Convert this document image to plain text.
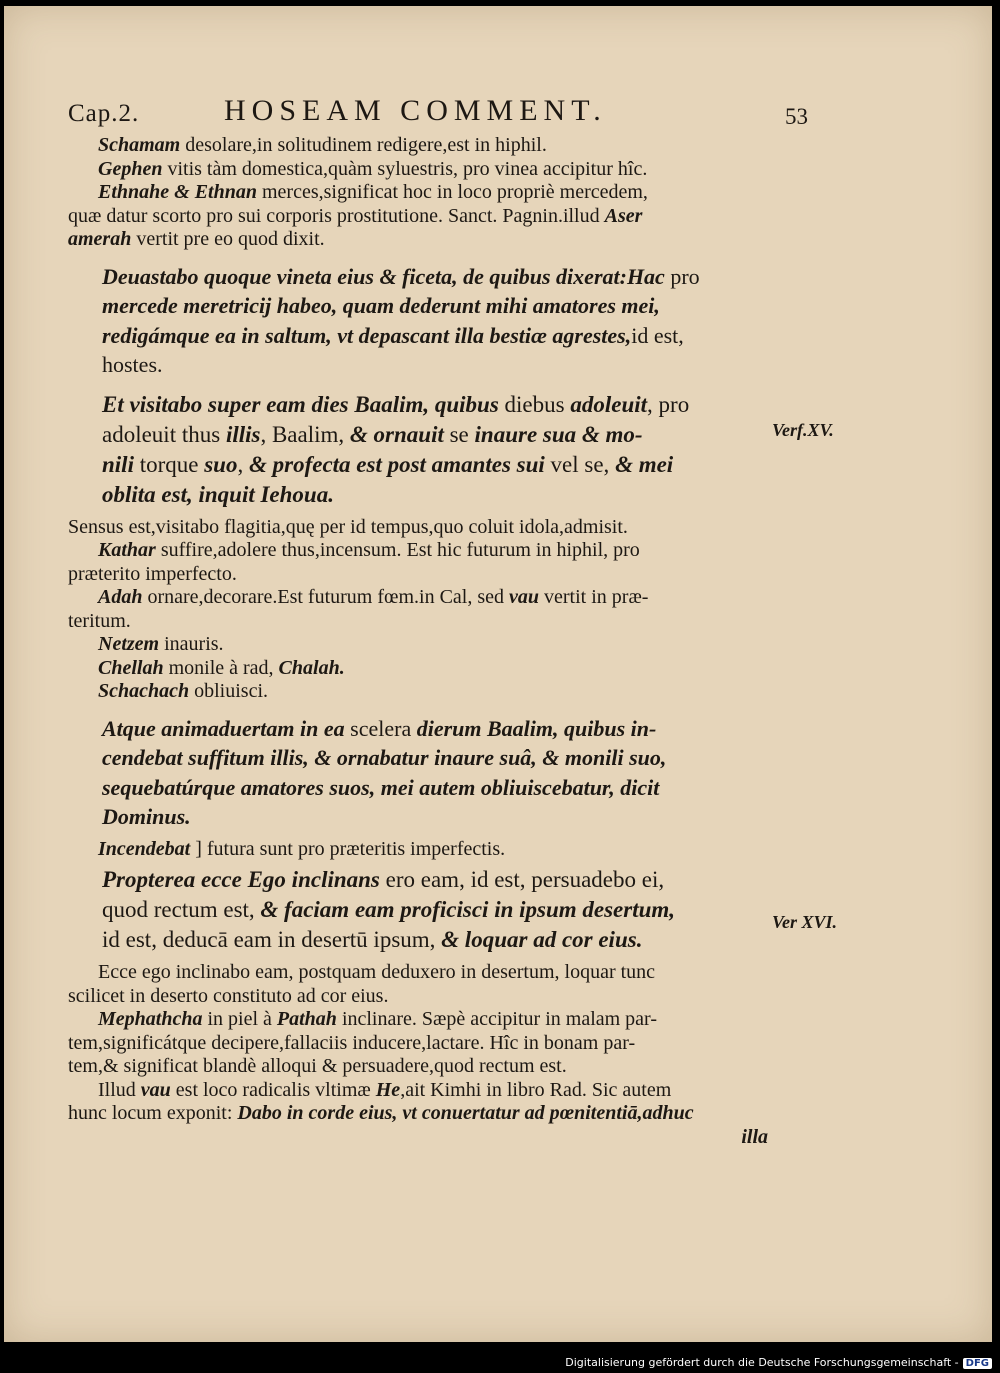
Cap.2.	HOSEAM COMMENT.	53
Schamam desolare,in solitudinem redigere,est in hiphil.
Gephen vitis tàm domestica,quàm syluestris, pro vinea accipitur hîc.
Ethnahe & Ethnan merces,significat hoc in loco propriè mercedem,
quæ datur scorto pro sui corporis prostitutione. Sanct. Pagnin.illud Aser
amerah vertit pre eo quod dixit.
Deuastabo quoque vineta eius & ficeta, de quibus dixerat:Hac pro
mercede meretricij habeo, quam dederunt mihi amatores mei,
redigámque ea in saltum, vt depascant illa bestiæ agrestes,id est,
hostes.
Et visitabo super eam dies Baalim, quibus diebus adoleuit, pro
adoleuit thus illis, Baalim, & ornauit se inaure sua & mo-
nili torque suo, & profecta est post amantes sui vel se, & mei
oblita est, inquit Iehoua.
Sensus est,visitabo flagitia,quę per id tempus,quo coluit idola,admisit.
Kathar suffire,adolere thus,incensum. Est hic futurum in hiphil, pro
præterito imperfecto.
Adah ornare,decorare.Est futurum fœm.in Cal, sed vau vertit in præ-
teritum.
Netzem inauris.
Chellah monile à rad, Chalah.
Schachach obliuisci.
Atque animaduertam in ea scelera dierum Baalim, quibus in-
cendebat suffitum illis, & ornabatur inaure suâ, & monili suo,
sequebatúrque amatores suos, mei autem obliuiscebatur, dicit
Dominus.
Incendebat ] futura sunt pro præteritis imperfectis.
Propterea ecce Ego inclinans ero eam, id est, persuadebo ei,
quod rectum est, & faciam eam proficisci in ipsum desertum,
id est, deducā eam in desertū ipsum, & loquar ad cor eius.
Ecce ego inclinabo eam, postquam deduxero in desertum, loquar tunc
scilicet in deserto constituto ad cor eius.
Mephathcha in piel à Pathah inclinare. Sæpè accipitur in malam par-
tem,significátque decipere,fallaciis inducere,lactare. Hîc in bonam par-
tem,& significat blandè alloqui & persuadere,quod rectum est.
Illud vau est loco radicalis vltimæ He,ait Kimhi in libro Rad. Sic autem
hunc locum exponit: Dabo in corde eius, vt conuertatur ad pœnitentiā,adhuc
illa
Verf.XV.
Ver XVI.
Digitalisierung gefördert durch die Deutsche Forschungsgemeinschaft - DFG
